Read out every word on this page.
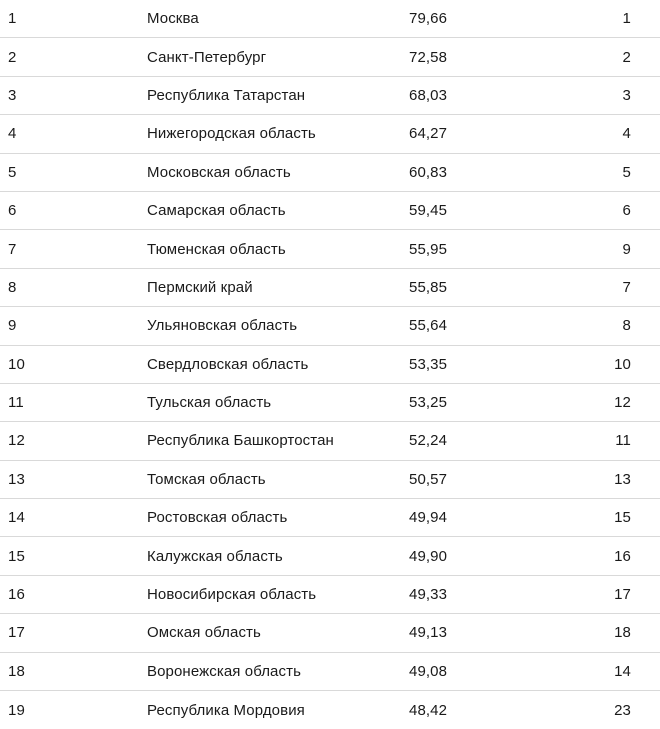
1	Москва	79,66	1
2	Санкт-Петербург	72,58	2
3	Республика Татарстан	68,03	3
4	Нижегородская область	64,27	4
5	Московская область	60,83	5
6	Самарская область	59,45	6
7	Тюменская область	55,95	9
8	Пермский край	55,85	7
9	Ульяновская область	55,64	8
10	Свердловская область	53,35	10
11	Тульская область	53,25	12
12	Республика Башкортостан	52,24	11
13	Томская область	50,57	13
14	Ростовская область	49,94	15
15	Калужская область	49,90	16
16	Новосибирская область	49,33	17
17	Омская область	49,13	18
18	Воронежская область	49,08	14
19	Республика Мордовия	48,42	23
